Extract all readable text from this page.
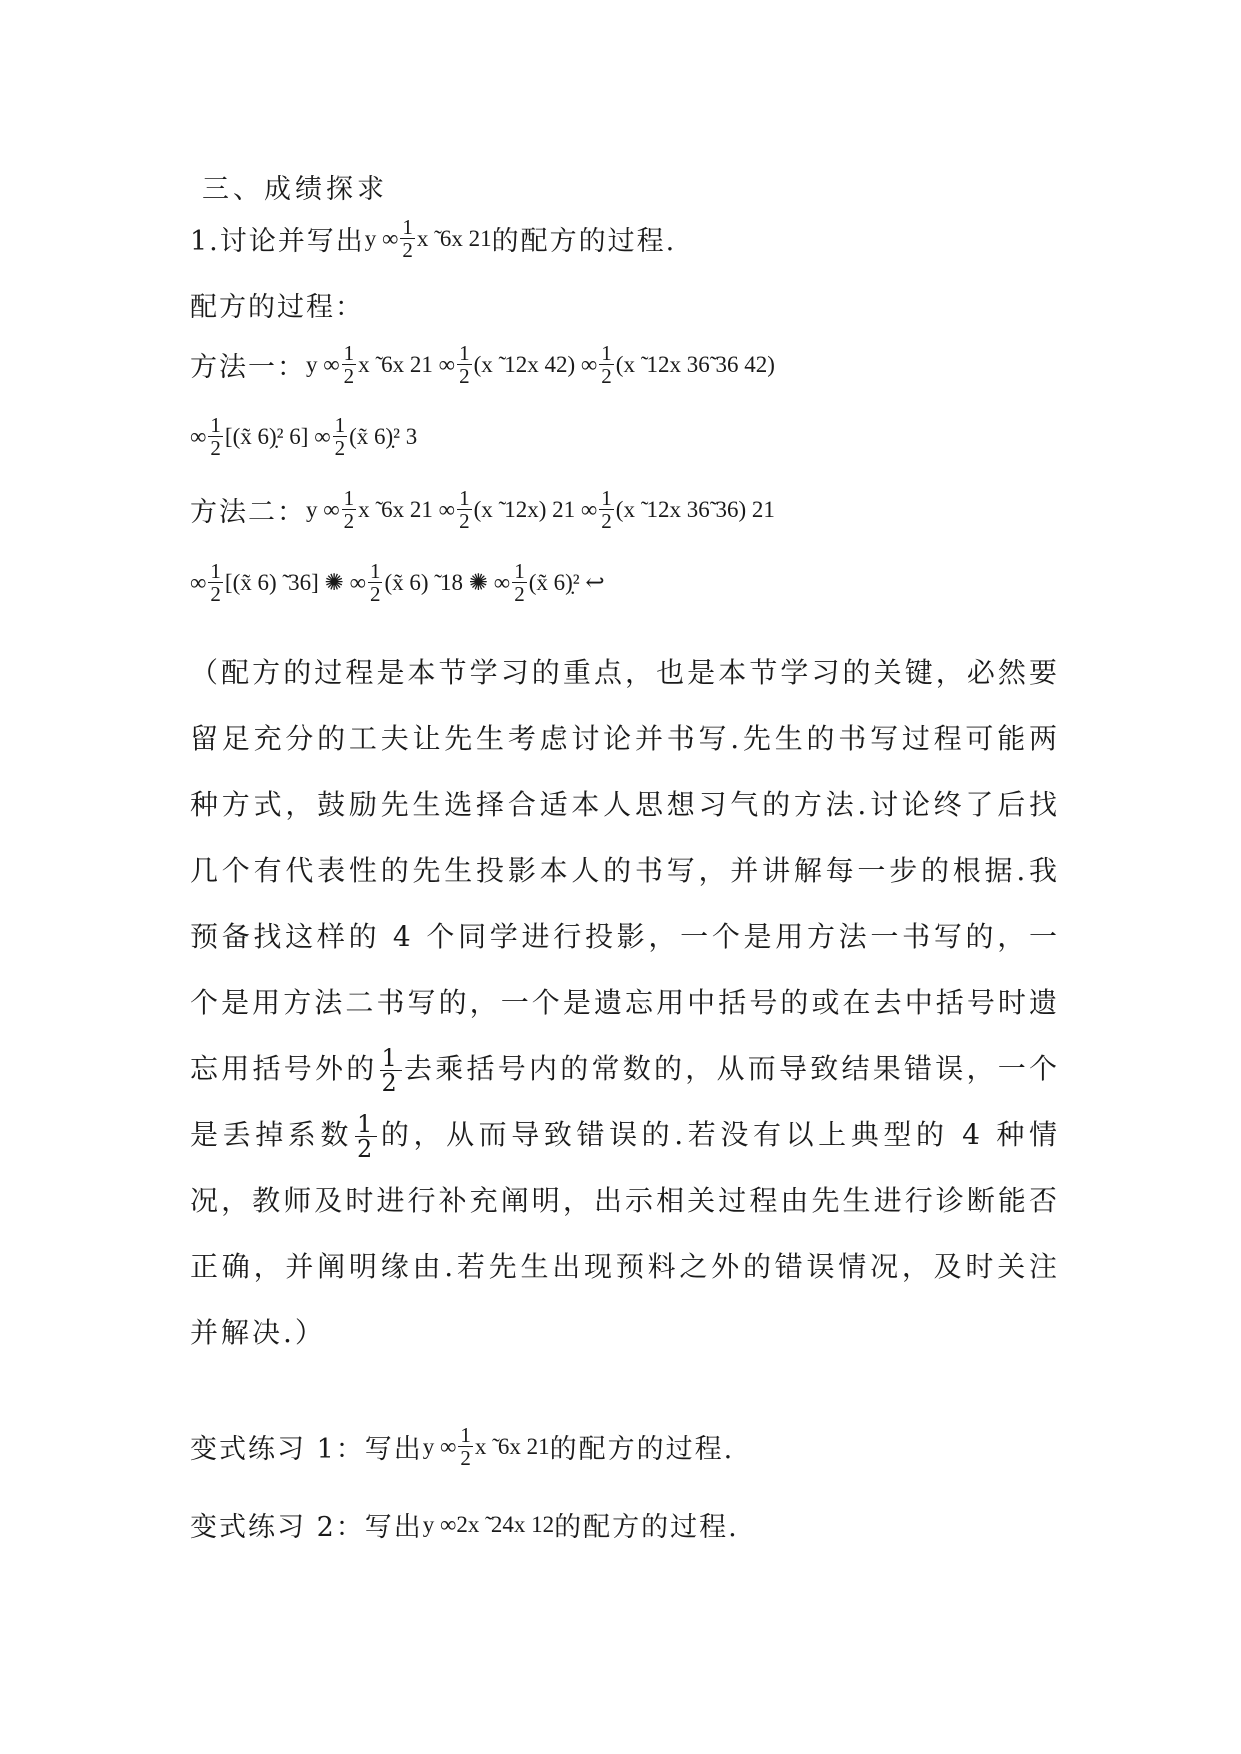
三、成绩探求
1.讨论并写出 y ∞ $\frac{1}{2}$ x ̃ 6x 21 的配方的过程.
配方的过程：
方法一： y ∞ $\frac{1}{2}$ x ̃ 6x 21 ∞ $\frac{1}{2} (x$ ̃ 12x 42) ∞ $\frac{1}{2} (x$ ̃ 12x 36̃ 36 42)
∞ $\frac{1}{2}$ [(x̃ 6)̣² 6] ∞ $\frac{1}{2}$ (x̃ 6)̣² 3
方法二： y ∞ $\frac{1}{2}$ x ̃ 6x 21 ∞ $\frac{1}{2} (x$ ̃ 12x) 21 ∞ $\frac{1}{2} (x$ ̃ 12x 36̃ 36) 21
∞ $\frac{1}{2}$ [(x̃ 6) ̃ 36] ✺ ∞ $\frac{1}{2}$ (x̃ 6) ̃ 18 ✺ ∞ $\frac{1}{2}$ (x̃ 6)̣² ↩
（配方的过程是本节学习的重点，也是本节学习的关键，必然要留足充分的工夫让先生考虑讨论并书写.先生的书写过程可能两种方式，鼓励先生选择合适本人思想习气的方法.讨论终了后找几个有代表性的先生投影本人的书写，并讲解每一步的根据.我预备找这样的 4 个同学进行投影，一个是用方法一书写的，一个是用方法二书写的，一个是遗忘用中括号的或在去中括号时遗忘用括号外的 $\frac{1}{2}$ 去乘括号内的常数的，从而导致结果错误，一个是丢掉系数 $\frac{1}{2}$ 的，从而导致错误的.若没有以上典型的 4 种情况，教师及时进行补充阐明，出示相关过程由先生进行诊断能否正确，并阐明缘由.若先生出现预料之外的错误情况，及时关注并解决.）
变式练习 1：写出 y ∞ $\frac{1}{2}$ x ̃ 6x 21 的配方的过程.
变式练习 2：写出 y ∞2x ̃ 24x 12 的配方的过程.
